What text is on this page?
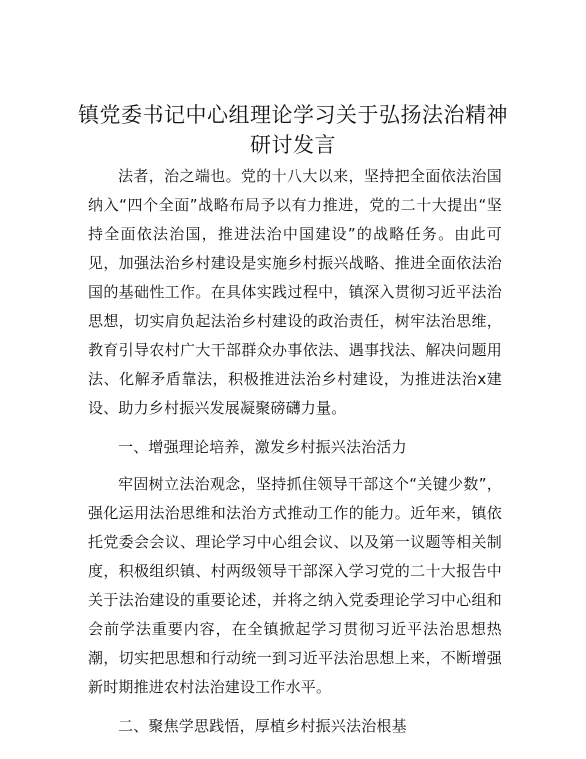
镇党委书记中心组理论学习关于弘扬法治精神
研讨发言

法者，治之端也。党的十八大以来，坚持把全面依法治国纳入“四个全面”战略布局予以有力推进，党的二十大提出“坚持全面依法治国，推进法治中国建设”的战略任务。由此可见，加强法治乡村建设是实施乡村振兴战略、推进全面依法治国的基础性工作。在具体实践过程中，镇深入贯彻习近平法治思想，切实肩负起法治乡村建设的政治责任，树牢法治思维，教育引导农村广大干部群众办事依法、遇事找法、解决问题用法、化解矛盾靠法，积极推进法治乡村建设，为推进法治x建设、助力乡村振兴发展凝聚磅礴力量。

一、增强理论培养，激发乡村振兴法治活力

牢固树立法治观念，坚持抓住领导干部这个“关键少数”，强化运用法治思维和法治方式推动工作的能力。近年来，镇依托党委会会议、理论学习中心组会议、以及第一议题等相关制度，积极组织镇、村两级领导干部深入学习党的二十大报告中关于法治建设的重要论述，并将之纳入党委理论学习中心组和会前学法重要内容，在全镇掀起学习贯彻习近平法治思想热潮，切实把思想和行动统一到习近平法治思想上来，不断增强新时期推进农村法治建设工作水平。

二、聚焦学思践悟，厚植乡村振兴法治根基
